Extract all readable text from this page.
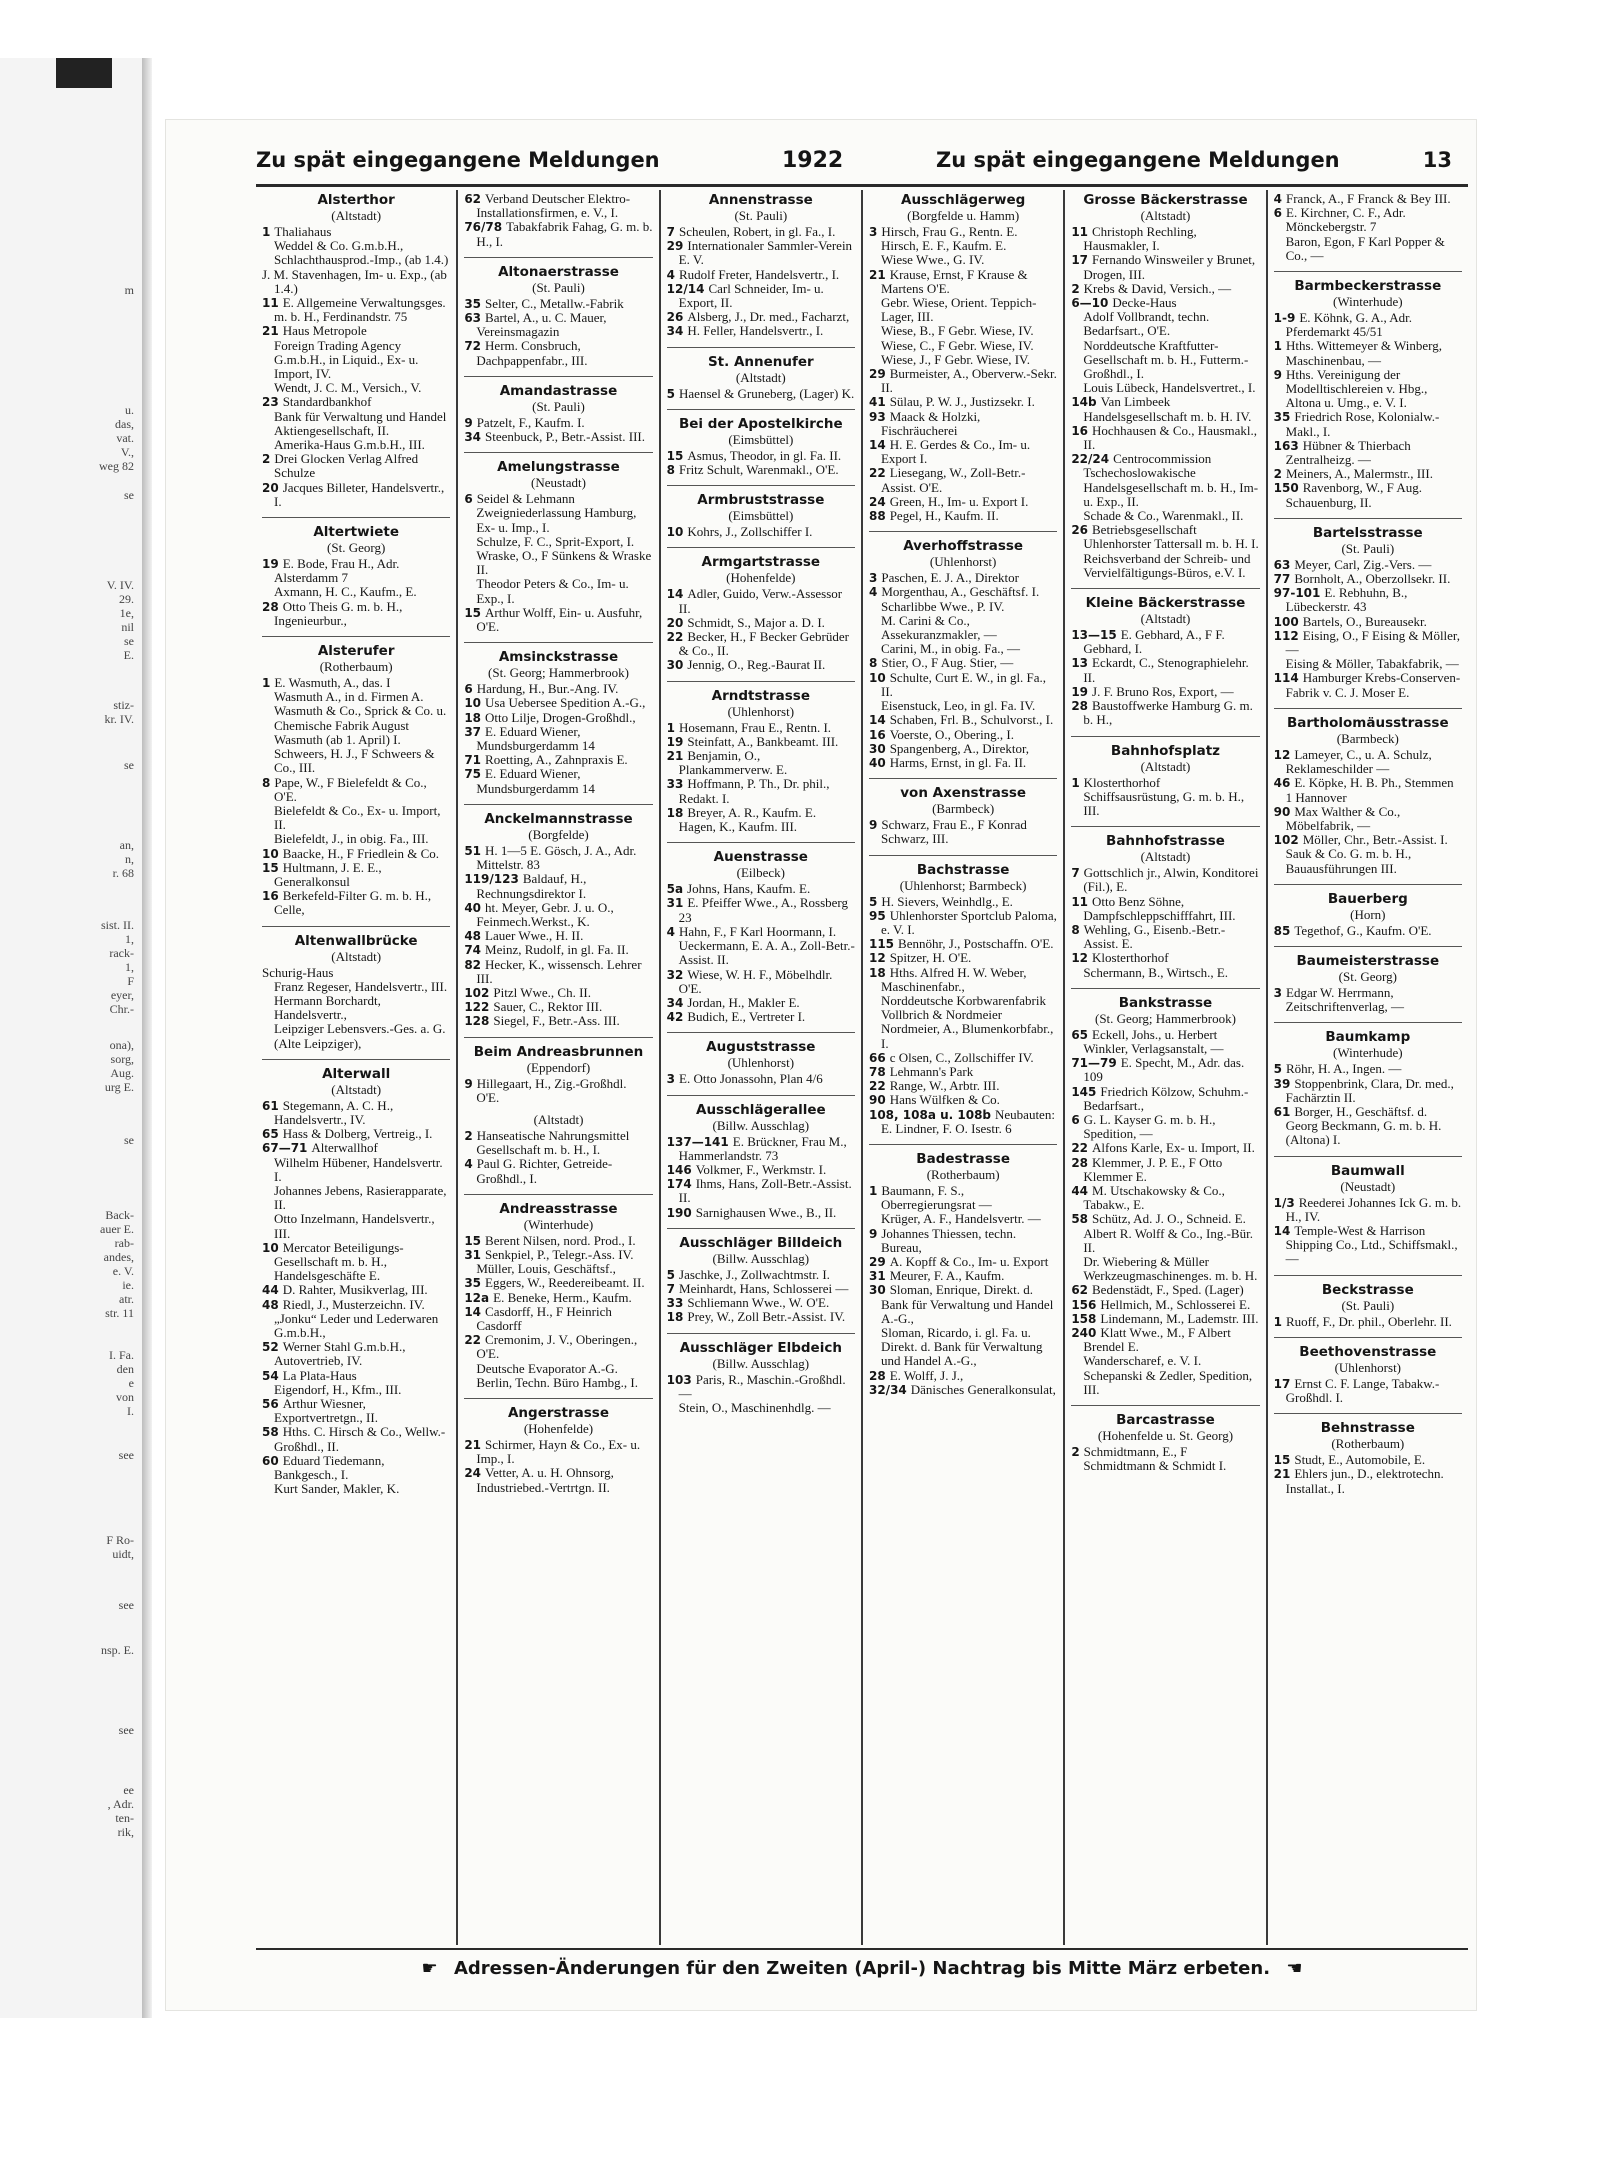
m
u.
das,
vat.
V.,
weg 82
se
V. IV.
29.
1e,
nil
se
E.
stiz-
kr. IV.
se
an,
n,
r. 68
sist. II.
1,
rack-
1,
F
eyer,
Chr.-
ona),
sorg,
Aug.
urg E.
se
Back-
auer E.
rab-
andes,
e. V.
ie.
atr.
str. 11
I. Fa.
den
e
von
I.
see
F Ro-
uidt,
see
nsp. E.
see
ee
, Adr.
ten-
rik,
Zu spät eingegangene Meldungen	1922	Zu spät eingegangene Meldungen	13
Alsterthor
(Altstadt)
1 Thaliahaus
Weddel & Co. G.m.b.H., Schlachthausprod.-Imp., (ab 1.4.)
J. M. Stavenhagen, Im- u. Exp., (ab 1.4.)
11 E. Allgemeine Verwaltungsges. m. b. H., Ferdinandstr. 75
21 Haus Metropole
Foreign Trading Agency G.m.b.H., in Liquid., Ex- u. Import, IV.
Wendt, J. C. M., Versich., V.
23 Standardbankhof
Bank für Verwaltung und Handel Aktiengesellschaft, II.
Amerika-Haus G.m.b.H., III.
2 Drei Glocken Verlag Alfred Schulze
20 Jacques Billeter, Handelsvertr., I.
Altertwiete
(St. Georg)
19 E. Bode, Frau H., Adr. Alsterdamm 7
Axmann, H. C., Kaufm., E.
28 Otto Theis G. m. b. H., Ingenieurbur.,
Alsterufer
(Rotherbaum)
1 E. Wasmuth, A., das. I
Wasmuth A., in d. Firmen A. Wasmuth & Co., Sprick & Co. u. Chemische Fabrik August Wasmuth (ab 1. April) I.
Schweers, H. J., F Schweers & Co., III.
8 Pape, W., F Bielefeldt & Co., O'E.
Bielefeldt & Co., Ex- u. Import, II.
Bielefeldt, J., in obig. Fa., III.
10 Baacke, H., F Friedlein & Co.
15 Hultmann, J. E. E., Generalkonsul
16 Berkefeld-Filter G. m. b. H., Celle,
Altenwallbrücke
(Altstadt)
Schurig-Haus
Franz Regeser, Handelsvertr., III.
Hermann Borchardt, Handelsvertr.,
Leipziger Lebensvers.-Ges. a. G. (Alte Leipziger),
Alterwall
(Altstadt)
61 Stegemann, A. C. H., Handelsvertr., IV.
65 Hass & Dolberg, Vertreig., I.
67—71 Alterwallhof
Wilhelm Hübener, Handelsvertr. I.
Johannes Jebens, Rasierapparate, II.
Otto Inzelmann, Handelsvertr., III.
10 Mercator Beteiligungs-Gesellschaft m. b. H., Handelsgeschäfte E.
44 D. Rahter, Musikverlag, III.
48 Riedl, J., Musterzeichn. IV.
„Jonku“ Leder und Lederwaren G.m.b.H.,
52 Werner Stahl G.m.b.H., Autovertrieb, IV.
54 La Plata-Haus
Eigendorf, H., Kfm., III.
56 Arthur Wiesner, Exportvertretgn., II.
58 Hths. C. Hirsch & Co., Wellw.-Großhdl., II.
60 Eduard Tiedemann, Bankgesch., I.
Kurt Sander, Makler, K.
62 Verband Deutscher Elektro-Installationsfirmen, e. V., I.
76/78 Tabakfabrik Fahag, G. m. b. H., I.
Altonaerstrasse
(St. Pauli)
35 Selter, C., Metallw.-Fabrik
63 Bartel, A., u. C. Mauer, Vereinsmagazin
72 Herm. Consbruch, Dachpappenfabr., III.
Amandastrasse
(St. Pauli)
9 Patzelt, F., Kaufm. I.
34 Steenbuck, P., Betr.-Assist. III.
Amelungstrasse
(Neustadt)
6 Seidel & Lehmann Zweigniederlassung Hamburg, Ex- u. Imp., I.
Schulze, F. C., Sprit-Export, I.
Wraske, O., F Sünkens & Wraske II.
Theodor Peters & Co., Im- u. Exp., I.
15 Arthur Wolff, Ein- u. Ausfuhr, O'E.
Amsinckstrasse
(St. Georg; Hammerbrook)
6 Hardung, H., Bur.-Ang. IV.
10 Usa Uebersee Spedition A.-G.,
18 Otto Lilje, Drogen-Großhdl.,
37 E. Eduard Wiener, Mundsburgerdamm 14
71 Roetting, A., Zahnpraxis E.
75 E. Eduard Wiener, Mundsburgerdamm 14
Anckelmannstrasse
(Borgfelde)
51 H. 1—5 E. Gösch, J. A., Adr. Mittelstr. 83
119/123 Baldauf, H., Rechnungsdirektor I.
40 ht. Meyer, Gebr. J. u. O., Feinmech.Werkst., K.
48 Lauer Wwe., H. II.
74 Meinz, Rudolf, in gl. Fa. II.
82 Hecker, K., wissensch. Lehrer III.
102 Pitzl Wwe., Ch. II.
122 Sauer, C., Rektor III.
128 Siegel, F., Betr.-Ass. III.
Beim Andreasbrunnen
(Eppendorf)
9 Hillegaart, H., Zig.-Großhdl. O'E.
(Altstadt)
2 Hanseatische Nahrungsmittel Gesellschaft m. b. H., I.
4 Paul G. Richter, Getreide-Großhdl., I.
Andreasstrasse
(Winterhude)
15 Berent Nilsen, nord. Prod., I.
31 Senkpiel, P., Telegr.-Ass. IV.
Müller, Louis, Geschäftsf.,
35 Eggers, W., Reedereibeamt. II.
12a E. Beneke, Herm., Kaufm.
14 Casdorff, H., F Heinrich Casdorff
22 Cremonim, J. V., Oberingen., O'E.
Deutsche Evaporator A.-G. Berlin, Techn. Büro Hambg., I.
Angerstrasse
(Hohenfelde)
21 Schirmer, Hayn & Co., Ex- u. Imp., I.
24 Vetter, A. u. H. Ohnsorg, Industriebed.-Vertrtgn. II.
Annenstrasse
(St. Pauli)
7 Scheulen, Robert, in gl. Fa., I.
29 Internationaler Sammler-Verein E. V.
4 Rudolf Freter, Handelsvertr., I.
12/14 Carl Schneider, Im- u. Export, II.
26 Alsberg, J., Dr. med., Facharzt,
34 H. Feller, Handelsvertr., I.
St. Annenufer
(Altstadt)
5 Haensel & Gruneberg, (Lager) K.
Bei der Apostelkirche
(Eimsbüttel)
15 Asmus, Theodor, in gl. Fa. II.
8 Fritz Schult, Warenmakl., O'E.
Armbruststrasse
(Eimsbüttel)
10 Kohrs, J., Zollschiffer I.
Armgartstrasse
(Hohenfelde)
14 Adler, Guido, Verw.-Assessor II.
20 Schmidt, S., Major a. D. I.
22 Becker, H., F Becker Gebrüder & Co., II.
30 Jennig, O., Reg.-Baurat II.
Arndtstrasse
(Uhlenhorst)
1 Hosemann, Frau E., Rentn. I.
19 Steinfatt, A., Bankbeamt. III.
21 Benjamin, O., Plankammerverw. E.
33 Hoffmann, P. Th., Dr. phil., Redakt. I.
18 Breyer, A. R., Kaufm. E.
Hagen, K., Kaufm. III.
Auenstrasse
(Eilbeck)
5a Johns, Hans, Kaufm. E.
31 E. Pfeiffer Wwe., A., Rossberg 23
4 Hahn, F., F Karl Hoormann, I.
Ueckermann, E. A. A., Zoll-Betr.-Assist. II.
32 Wiese, W. H. F., Möbelhdlr. O'E.
34 Jordan, H., Makler E.
42 Budich, E., Vertreter I.
Auguststrasse
(Uhlenhorst)
3 E. Otto Jonassohn, Plan 4/6
Ausschlägerallee
(Billw. Ausschlag)
137—141 E. Brückner, Frau M., Hammerlandstr. 73
146 Volkmer, F., Werkmstr. I.
174 Ihms, Hans, Zoll-Betr.-Assist. II.
190 Sarnighausen Wwe., B., II.
Ausschläger Billdeich
(Billw. Ausschlag)
5 Jaschke, J., Zollwachtmstr. I.
7 Meinhardt, Hans, Schlosserei —
33 Schliemann Wwe., W. O'E.
18 Prey, W., Zoll Betr.-Assist. IV.
Ausschläger Elbdeich
(Billw. Ausschlag)
103 Paris, R., Maschin.-Großhdl. —
Stein, O., Maschinenhdlg. —
Ausschlägerweg
(Borgfelde u. Hamm)
3 Hirsch, Frau G., Rentn. E.
Hirsch, E. F., Kaufm. E.
Wiese Wwe., G. IV.
21 Krause, Ernst, F Krause & Martens O'E.
Gebr. Wiese, Orient. Teppich-Lager, III.
Wiese, B., F Gebr. Wiese, IV.
Wiese, C., F Gebr. Wiese, IV.
Wiese, J., F Gebr. Wiese, IV.
29 Burmeister, A., Oberverw.-Sekr. II.
41 Sülau, P. W. J., Justizsekr. I.
93 Maack & Holzki, Fischräucherei
14 H. E. Gerdes & Co., Im- u. Export I.
22 Liesegang, W., Zoll-Betr.-Assist. O'E.
24 Green, H., Im- u. Export I.
88 Pegel, H., Kaufm. II.
Averhoffstrasse
(Uhlenhorst)
3 Paschen, E. J. A., Direktor
4 Morgenthau, A., Geschäftsf. I.
Scharlibbe Wwe., P. IV.
M. Carini & Co., Assekuranzmakler, —
Carini, M., in obig. Fa., —
8 Stier, O., F Aug. Stier, —
10 Schulte, Curt E. W., in gl. Fa., II.
Eisenstuck, Leo, in gl. Fa. IV.
14 Schaben, Frl. B., Schulvorst., I.
16 Voerste, O., Obering., I.
30 Spangenberg, A., Direktor,
40 Harms, Ernst, in gl. Fa. II.
von Axenstrasse
(Barmbeck)
9 Schwarz, Frau E., F Konrad Schwarz, III.
Bachstrasse
(Uhlenhorst; Barmbeck)
5 H. Sievers, Weinhdlg., E.
95 Uhlenhorster Sportclub Paloma, e. V. I.
115 Bennöhr, J., Postschaffn. O'E.
12 Spitzer, H. O'E.
18 Hths. Alfred H. W. Weber, Maschinenfabr.,
Norddeutsche Korbwarenfabrik Vollbrich & Nordmeier
Nordmeier, A., Blumenkorbfabr., I.
66 c Olsen, C., Zollschiffer IV.
78 Lehmann's Park
22 Range, W., Arbtr. III.
90 Hans Wülfken & Co.
108, 108a u. 108b Neubauten: E. Lindner, F. O. Isestr. 6
Badestrasse
(Rotherbaum)
1 Baumann, F. S., Oberregierungsrat —
Krüger, A. F., Handelsvertr. —
9 Johannes Thiessen, techn. Bureau,
29 A. Kopff & Co., Im- u. Export
31 Meurer, F. A., Kaufm.
30 Sloman, Enrique, Direkt. d. Bank für Verwaltung und Handel A.-G.,
Sloman, Ricardo, i. gl. Fa. u. Direkt. d. Bank für Verwaltung und Handel A.-G.,
28 E. Wolff, J. J.,
32/34 Dänisches Generalkonsulat,
Grosse Bäckerstrasse
(Altstadt)
11 Christoph Rechling, Hausmakler, I.
17 Fernando Winsweiler y Brunet, Drogen, III.
2 Krebs & David, Versich., —
6—10 Decke-Haus
Adolf Vollbrandt, techn. Bedarfsart., O'E.
Norddeutsche Kraftfutter-Gesellschaft m. b. H., Futterm.-Großhdl., I.
Louis Lübeck, Handelsvertret., I.
14b Van Limbeek Handelsgesellschaft m. b. H. IV.
16 Hochhausen & Co., Hausmakl., II.
22/24 Centrocommission Tschechoslowakische Handelsgesellschaft m. b. H., Im- u. Exp., II.
Schade & Co., Warenmakl., II.
26 Betriebsgesellschaft Uhlenhorster Tattersall m. b. H. I.
Reichsverband der Schreib- und Vervielfältigungs-Büros, e.V. I.
Kleine Bäckerstrasse
(Altstadt)
13—15 E. Gebhard, A., F F. Gebhard, I.
13 Eckardt, C., Stenographielehr. II.
19 J. F. Bruno Ros, Export, —
28 Baustoffwerke Hamburg G. m. b. H.,
Bahnhofsplatz
(Altstadt)
1 Klosterthorhof
Schiffsausrüstung, G. m. b. H., III.
Bahnhofstrasse
(Altstadt)
7 Gottschlich jr., Alwin, Konditorei (Fil.), E.
11 Otto Benz Söhne, Dampfschleppschifffahrt, III.
8 Wehling, G., Eisenb.-Betr.-Assist. E.
12 Klosterthorhof
Schermann, B., Wirtsch., E.
Bankstrasse
(St. Georg; Hammerbrook)
65 Eckell, Johs., u. Herbert Winkler, Verlagsanstalt, —
71—79 E. Specht, M., Adr. das. 109
145 Friedrich Kölzow, Schuhm.-Bedarfsart.,
6 G. L. Kayser G. m. b. H., Spedition, —
22 Alfons Karle, Ex- u. Import, II.
28 Klemmer, J. P. E., F Otto Klemmer E.
44 M. Utschakowsky & Co., Tabakw., E.
58 Schütz, Ad. J. O., Schneid. E.
Albert R. Wolff & Co., Ing.-Bür. II.
Dr. Wiebering & Müller Werkzeugmaschinenges. m. b. H.
62 Bedenstädt, F., Sped. (Lager)
156 Hellmich, M., Schlosserei E.
158 Lindemann, M., Lademstr. III.
240 Klatt Wwe., M., F Albert Brendel E.
Wanderscharef, e. V. I.
Schepanski & Zedler, Spedition, III.
Barcastrasse
(Hohenfelde u. St. Georg)
2 Schmidtmann, E., F Schmidtmann & Schmidt I.
4 Franck, A., F Franck & Bey III.
6 E. Kirchner, C. F., Adr. Mönckebergstr. 7
Baron, Egon, F Karl Popper & Co., —
Barmbeckerstrasse
(Winterhude)
1-9 E. Köhnk, G. A., Adr. Pferdemarkt 45/51
1 Hths. Wittemeyer & Winberg, Maschinenbau, —
9 Hths. Vereinigung der Modelltischlereien v. Hbg., Altona u. Umg., e. V. I.
35 Friedrich Rose, Kolonialw.-Makl., I.
163 Hübner & Thierbach Zentralheizg. —
2 Meiners, A., Malermstr., III.
150 Ravenborg, W., F Aug. Schauenburg, II.
Bartelsstrasse
(St. Pauli)
63 Meyer, Carl, Zig.-Vers. —
77 Bornholt, A., Oberzollsekr. II.
97-101 E. Rebhuhn, B., Lübeckerstr. 43
100 Bartels, O., Bureausekr.
112 Eising, O., F Eising & Möller, —
Eising & Möller, Tabakfabrik, —
114 Hamburger Krebs-Conserven-Fabrik v. C. J. Moser E.
Bartholomäusstrasse
(Barmbeck)
12 Lameyer, C., u. A. Schulz, Reklameschilder —
46 E. Köpke, H. B. Ph., Stemmen 1 Hannover
90 Max Walther & Co., Möbelfabrik, —
102 Möller, Chr., Betr.-Assist. I.
Sauk & Co. G. m. b. H., Bauausführungen III.
Bauerberg
(Horn)
85 Tegethof, G., Kaufm. O'E.
Baumeisterstrasse
(St. Georg)
3 Edgar W. Herrmann, Zeitschriftenverlag, —
Baumkamp
(Winterhude)
5 Röhr, H. A., Ingen. —
39 Stoppenbrink, Clara, Dr. med., Fachärztin II.
61 Borger, H., Geschäftsf. d. Georg Beckmann, G. m. b. H. (Altona) I.
Baumwall
(Neustadt)
1/3 Reederei Johannes Ick G. m. b. H., IV.
14 Temple-West & Harrison Shipping Co., Ltd., Schiffsmakl., —
Beckstrasse
(St. Pauli)
1 Ruoff, F., Dr. phil., Oberlehr. II.
Beethovenstrasse
(Uhlenhorst)
17 Ernst C. F. Lange, Tabakw.-Großhdl. I.
Behnstrasse
(Rotherbaum)
15 Studt, E., Automobile, E.
21 Ehlers jun., D., elektrotechn. Installat., I.
☛ Adressen-Änderungen für den Zweiten (April-) Nachtrag bis Mitte März erbeten. ☚
